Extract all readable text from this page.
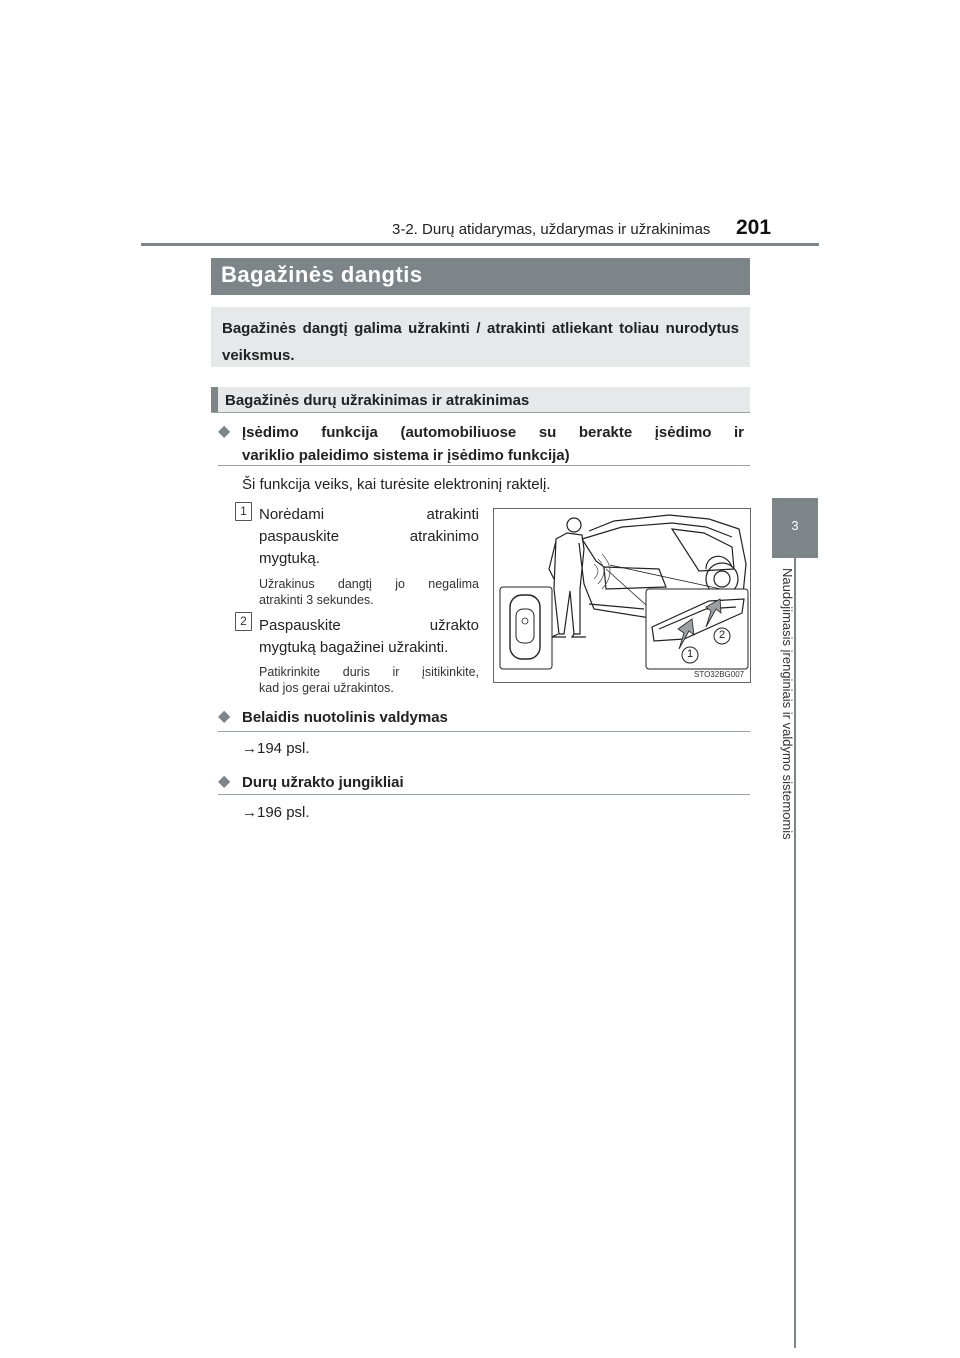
3-2. Durų atidarymas, uždarymas ir užrakinimas 201
3
Naudojimasis įrenginiais ir valdymo sistemomis
Bagažinės dangtis
Bagažinės dangtį galima užrakinti / atrakinti atliekant toliau nurodytus veiksmus.
Bagažinės durų užrakinimas ir atrakinimas
◆ Įsėdimo funkcija (automobiliuose su berakte įsėdimo ir
variklio paleidimo sistema ir įsėdimo funkcija)
Ši funkcija veiks, kai turėsite elektroninį raktelį.
1 Norėdami atrakinti
paspauskite atrakinimo
mygtuką.
Užrakinus dangtį jo negalima
atrakinti 3 sekundes.
2 Paspauskite užrakto
mygtuką bagažinei užrakinti.
Patikrinkite duris ir įsitikinkite,
kad jos gerai užrakintos.
1
2
STO32BG007
◆ Belaidis nuotolinis valdymas
→194 psl.
◆ Durų užrakto jungikliai
→196 psl.
